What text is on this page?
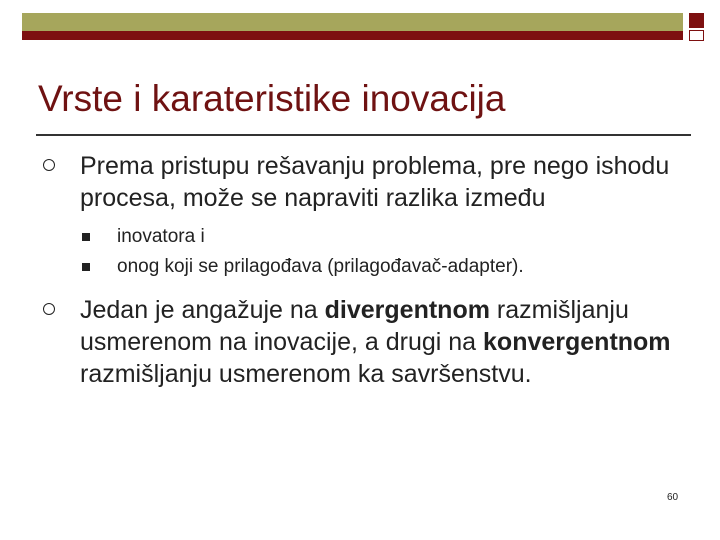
Vrste i karateristike inovacija
Prema pristupu rešavanju problema, pre nego ishodu procesa, može se napraviti razlika između
inovatora i
onog koji se prilagođava (prilagođavač-adapter).
Jedan je angažuje na divergentnom razmišljanju usmerenom na inovacije, a drugi na konvergentnom razmišljanju usmerenom ka savršenstvu.
60
